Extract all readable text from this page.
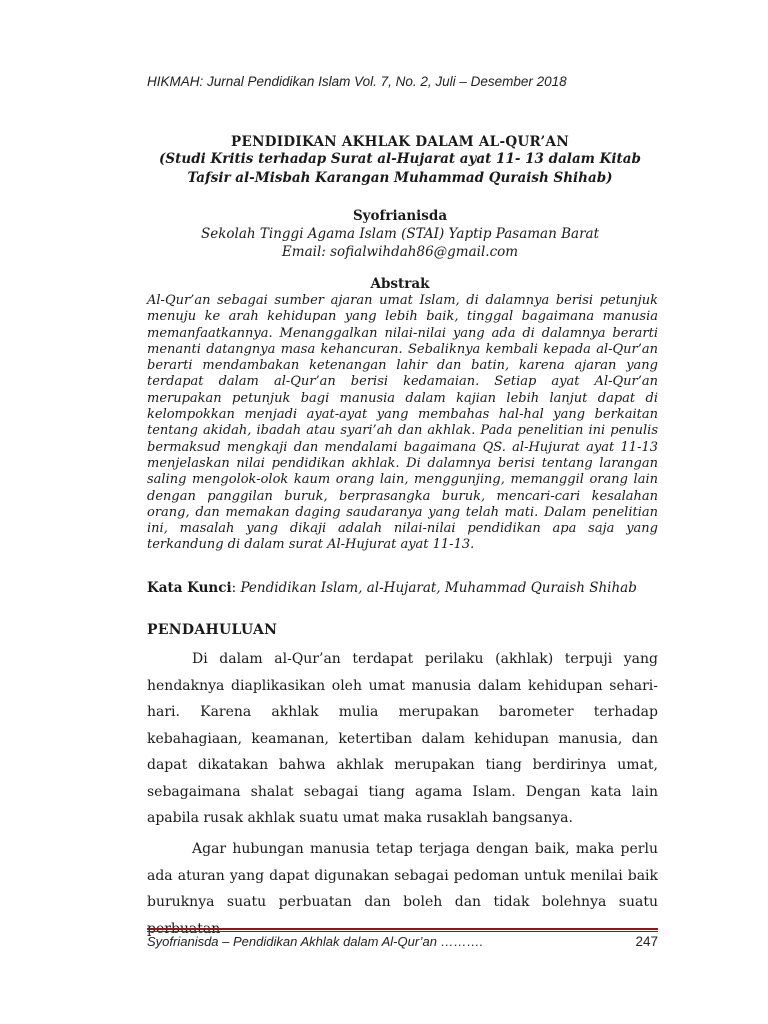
HIKMAH: Jurnal Pendidikan Islam Vol. 7, No. 2, Juli – Desember 2018

PENDIDIKAN AKHLAK DALAM AL-QUR’AN

(Studi Kritis terhadap Surat al-Hujarat ayat 11- 13 dalam Kitab Tafsir al-Misbah Karangan Muhammad Quraish Shihab)

Syofrianisda
Sekolah Tinggi Agama Islam (STAI) Yaptip Pasaman Barat
Email: sofialwihdah86@gmail.com
Abstrak

Al-Qur’an sebagai sumber ajaran umat Islam, di dalamnya berisi petunjuk menuju ke arah kehidupan yang lebih baik, tinggal bagaimana manusia memanfaatkannya. Menanggalkan nilai-nilai yang ada di dalamnya berarti menanti datangnya masa kehancuran. Sebaliknya kembali kepada al-Qur’an berarti mendambakan ketenangan lahir dan batin, karena ajaran yang terdapat dalam al-Qur’an berisi kedamaian. Setiap ayat Al-Qur’an merupakan petunjuk bagi manusia dalam kajian lebih lanjut dapat di kelompokkan menjadi ayat-ayat yang membahas hal-hal yang berkaitan tentang akidah, ibadah atau syari’ah dan akhlak. Pada penelitian ini penulis bermaksud mengkaji dan mendalami bagaimana QS. al-Hujurat ayat 11-13 menjelaskan nilai pendidikan akhlak. Di dalamnya berisi tentang larangan saling mengolok-olok kaum orang lain, menggunjing, memanggil orang lain dengan panggilan buruk, berprasangka buruk, mencari-cari kesalahan orang, dan memakan daging saudaranya yang telah mati. Dalam penelitian ini, masalah yang dikaji adalah nilai-nilai pendidikan apa saja yang terkandung di dalam surat Al-Hujurat ayat 11-13.

Kata Kunci: Pendidikan Islam, al-Hujarat, Muhammad Quraish Shihab
PENDAHULUAN

Di dalam al-Qur’an terdapat perilaku (akhlak) terpuji yang hendaknya diaplikasikan oleh umat manusia dalam kehidupan sehari-hari. Karena akhlak mulia merupakan barometer terhadap kebahagiaan, keamanan, ketertiban dalam kehidupan manusia, dan dapat dikatakan bahwa akhlak merupakan tiang berdirinya umat, sebagaimana shalat sebagai tiang agama Islam. Dengan kata lain apabila rusak akhlak suatu umat maka rusaklah bangsanya.

Agar hubungan manusia tetap terjaga dengan baik, maka perlu ada aturan yang dapat digunakan sebagai pedoman untuk menilai baik buruknya suatu perbuatan dan boleh dan tidak bolehnya suatu perbuatan

Syofrianisda – Pendidikan Akhlak dalam Al-Qur’an ……….	247
